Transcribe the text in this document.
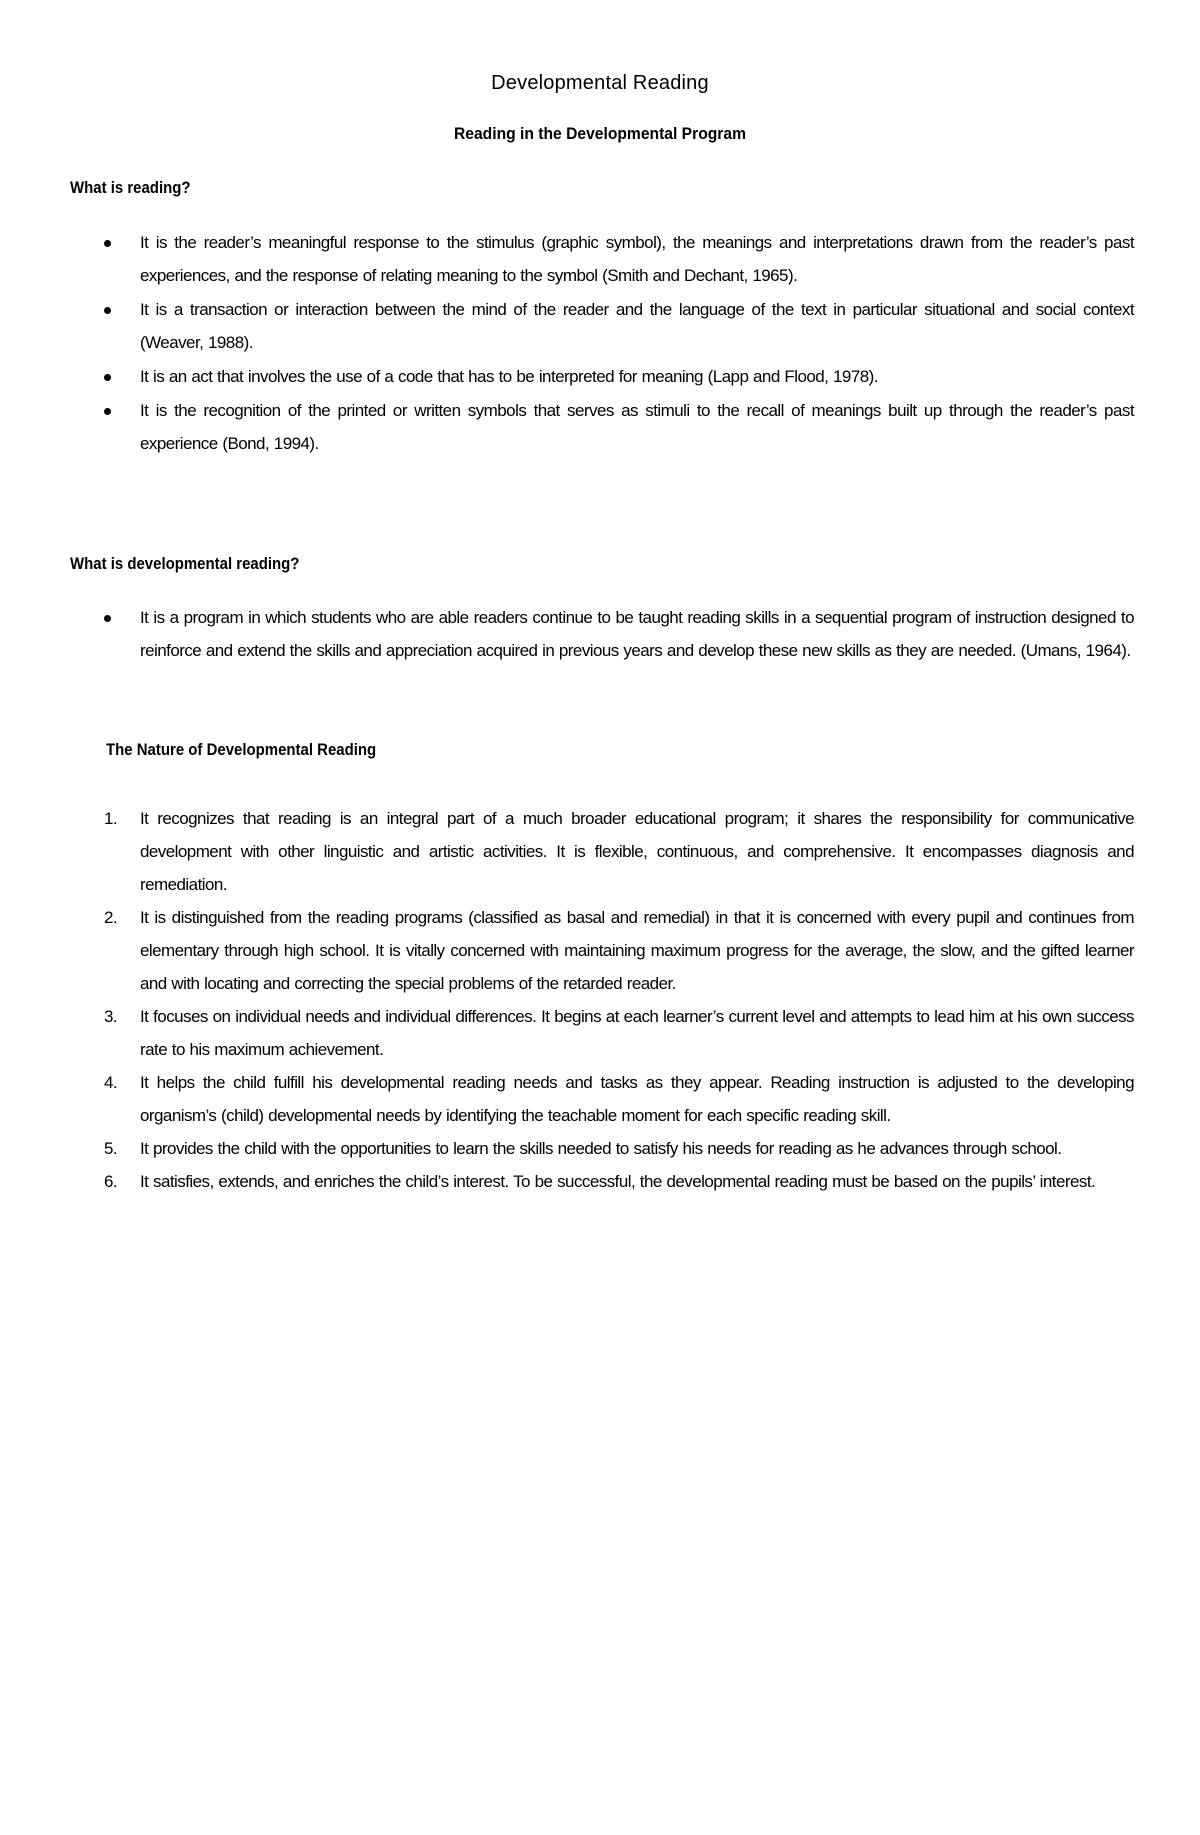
Developmental Reading
Reading in the Developmental Program
What is reading?
It is the reader’s meaningful response to the stimulus (graphic symbol), the meanings and interpretations drawn from the reader’s past experiences, and the response of relating meaning to the symbol (Smith and Dechant, 1965).
It is a transaction or interaction between the mind of the reader and the language of the text in particular situational and social context (Weaver, 1988).
It is an act that involves the use of a code that has to be interpreted for meaning (Lapp and Flood, 1978).
It is the recognition of the printed or written symbols that serves as stimuli to the recall of meanings built up through the reader’s past experience (Bond, 1994).
What is developmental reading?
It is a program in which students who are able readers continue to be taught reading skills in a sequential program of instruction designed to reinforce and extend the skills and appreciation acquired in previous years and develop these new skills as they are needed. (Umans, 1964).
The Nature of Developmental Reading
1. It recognizes that reading is an integral part of a much broader educational program; it shares the responsibility for communicative development with other linguistic and artistic activities. It is flexible, continuous, and comprehensive. It encompasses diagnosis and remediation.
2. It is distinguished from the reading programs (classified as basal and remedial) in that it is concerned with every pupil and continues from elementary through high school. It is vitally concerned with maintaining maximum progress for the average, the slow, and the gifted learner and with locating and correcting the special problems of the retarded reader.
3. It focuses on individual needs and individual differences. It begins at each learner’s current level and attempts to lead him at his own success rate to his maximum achievement.
4. It helps the child fulfill his developmental reading needs and tasks as they appear. Reading instruction is adjusted to the developing organism’s (child) developmental needs by identifying the teachable moment for each specific reading skill.
5. It provides the child with the opportunities to learn the skills needed to satisfy his needs for reading as he advances through school.
6. It satisfies, extends, and enriches the child’s interest. To be successful, the developmental reading must be based on the pupils’ interest.
